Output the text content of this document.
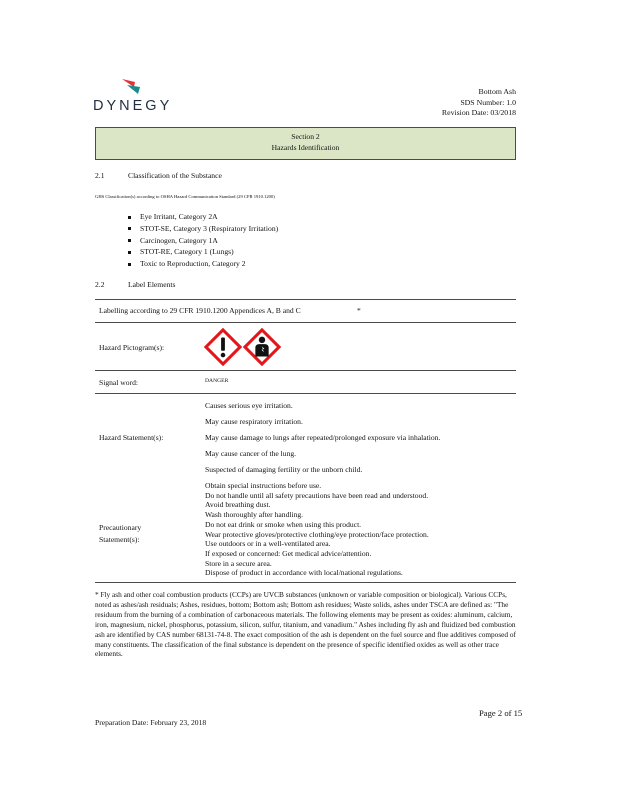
DYNEGY
Bottom Ash
SDS Number: 1.0
Revision Date: 03/2018
Section 2
Hazards Identification
2.1	Classification of the Substance
GHS Classification(s) according to OSHA Hazard Communication Standard (29 CFR 1910.1200)
Eye Irritant, Category 2A
STOT-SE, Category 3 (Respiratory Irritation)
Carcinogen, Category 1A
STOT-RE, Category 1 (Lungs)
Toxic to Reproduction, Category 2
2.2	Label Elements
Labelling according to 29 CFR 1910.1200 Appendices A, B and C	*
Hazard Pictogram(s):
Signal word:	DANGER
Hazard Statement(s):
Causes serious eye irritation.
May cause respiratory irritation.
May cause damage to lungs after repeated/prolonged exposure via inhalation.
May cause cancer of the lung.
Suspected of damaging fertility or the unborn child.
Precautionary
Statement(s):
Obtain special instructions before use.
Do not handle until all safety precautions have been read and understood.
Avoid breathing dust.
Wash thoroughly after handling.
Do not eat drink or smoke when using this product.
Wear protective gloves/protective clothing/eye protection/face protection.
Use outdoors or in a well-ventilated area.
If exposed or concerned: Get medical advice/attention.
Store in a secure area.
Dispose of product in accordance with local/national regulations.
* Fly ash and other coal combustion products (CCPs) are UVCB substances (unknown or variable composition or biological). Various CCPs, noted as ashes/ash residuals; Ashes, residues, bottom; Bottom ash; Bottom ash residues; Waste solids, ashes under TSCA are defined as: "The residuum from the burning of a combination of carbonaceous materials. The following elements may be present as oxides: aluminum, calcium, iron, magnesium, nickel, phosphorus, potassium, silicon, sulfur, titanium, and vanadium." Ashes including fly ash and fluidized bed combustion ash are identified by CAS number 68131-74-8. The exact composition of the ash is dependent on the fuel source and flue additives composed of many constituents. The classification of the final substance is dependent on the presence of specific identified oxides as well as other trace elements.
Preparation Date: February 23, 2018
Page 2 of 15
